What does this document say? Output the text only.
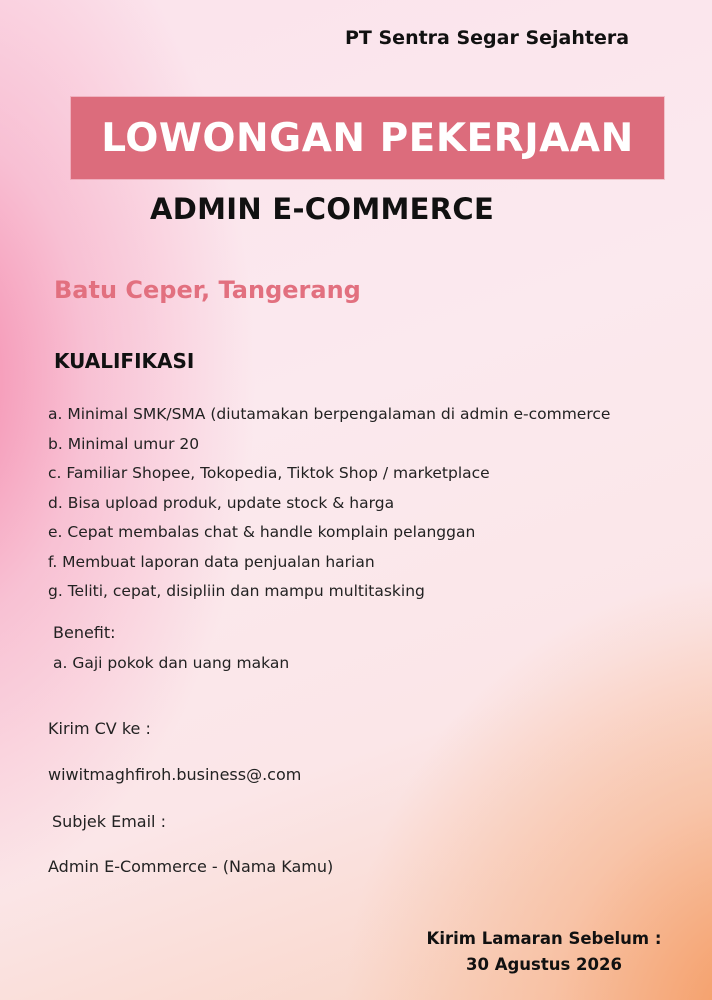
PT Sentra Segar Sejahtera
LOWONGAN PEKERJAAN
ADMIN E-COMMERCE
Batu Ceper, Tangerang
KUALIFIKASI
a. Minimal SMK/SMA (diutamakan berpengalaman di admin e-commerce
b. Minimal umur 20
c. Familiar Shopee, Tokopedia, Tiktok Shop / marketplace
d. Bisa upload produk, update stock & harga
e. Cepat membalas chat & handle komplain pelanggan
f. Membuat laporan data penjualan harian
g. Teliti, cepat, disipliin dan mampu multitasking
Benefit:
a. Gaji pokok dan uang makan
Kirim CV ke :
wiwitmaghfiroh.business@.com
Subjek Email :
Admin E-Commerce - (Nama Kamu)
Kirim Lamaran Sebelum :
30 Agustus 2026
